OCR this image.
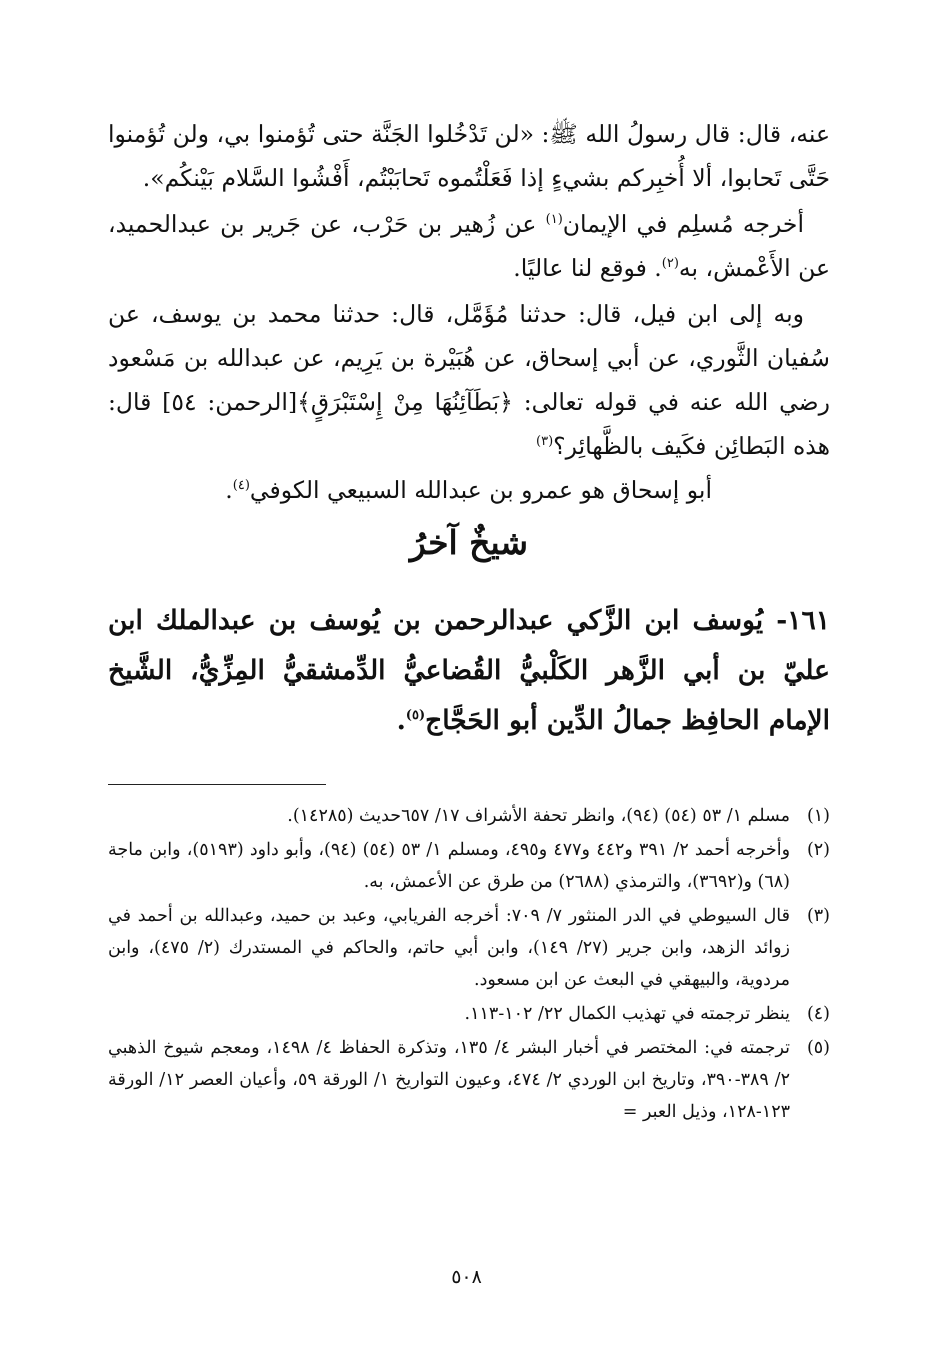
عنه، قال: قال رسولُ الله ﷺ: «لن تَدْخُلوا الجَنَّة حتى تُؤمنوا بي، ولن تُؤمنوا حَتَّى تَحابوا، ألا أُخبِركم بشيءٍ إذا فَعَلْتُموه تَحابَبْتُم، أَفْشُوا السَّلام بَيْنكُم».

أخرجه مُسلِم في الإيمان$^{(١)}$ عن زُهير بن حَرْب، عن جَرير بن عبدالحميد، عن الأَعْمش، به$^{(٢)}$. فوقع لنا عاليًا.

وبه إلى ابن فيل، قال: حدثنا مُؤَمَّل، قال: حدثنا محمد بن يوسف، عن سُفيان الثَّوري، عن أبي إسحاق، عن هُبَيْرة بن يَرِيم، عن عبدالله بن مَسْعود رضي الله عنه في قوله تعالى: ﴿بَطَآئِنُهَا مِنْ إِسْتَبْرَقٍ﴾[الرحمن: ٥٤] قال: هذه البَطائِن فكَيف بالظَّهائِر؟$^{(٣)}$

أبو إسحاق هو عمرو بن عبدالله السبيعي الكوفي$^{(٤)}$.

شيخٌ آخرُ

١٦١- يُوسف ابن الزَّكي عبدالرحمن بن يُوسف بن عبدالملك ابن عليّ بن أبي الزَّهر الكَلْبيُّ القُضاعيُّ الدِّمشقيُّ المِزِّيُّ، الشَّيخ الإمام الحافِظ جمالُ الدِّين أبو الحَجَّاج$^{(٥)}$.

(١)
مسلم ١/ ٥٣ (٥٤) (٩٤)، وانظر تحفة الأشراف ١٧/ ٦٥٧حديث (١٤٢٨٥).
(٢)
وأخرجه أحمد ٢/ ٣٩١ و٤٤٢ و٤٧٧ و٤٩٥، ومسلم ١/ ٥٣ (٥٤) (٩٤)، وأبو داود (٥١٩٣)، وابن ماجة (٦٨) و(٣٦٩٢)، والترمذي (٢٦٨٨) من طرق عن الأعمش، به.
(٣)
قال السيوطي في الدر المنثور ٧/ ٧٠٩: أخرجه الفريابي، وعبد بن حميد، وعبدالله بن أحمد في زوائد الزهد، وابن جرير (٢٧/ ١٤٩)، وابن أبي حاتم، والحاكم في المستدرك (٢/ ٤٧٥)، وابن مردوية، والبيهقي في البعث عن ابن مسعود.
(٤)
ينظر ترجمته في تهذيب الكمال ٢٢/ ١٠٢-١١٣.
(٥)
ترجمته في: المختصر في أخبار البشر ٤/ ١٣٥، وتذكرة الحفاظ ٤/ ١٤٩٨، ومعجم شيوخ الذهبي ٢/ ٣٨٩-٣٩٠، وتاريخ ابن الوردي ٢/ ٤٧٤، وعيون التواريخ ١/ الورقة ٥٩، وأعيان العصر ١٢/ الورقة ١٢٣-١٢٨، وذيل العبر =
٥٠٨
